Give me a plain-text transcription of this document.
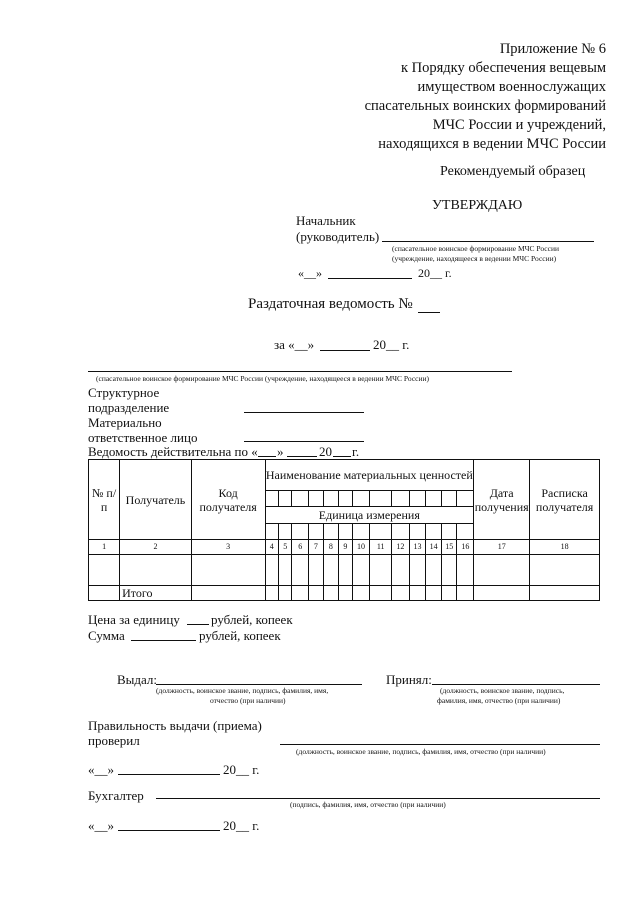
Приложение № 6
к Порядку обеспечения вещевым
имуществом военнослужащих
спасательных воинских формирований
МЧС России и учреждений,
находящихся в ведении МЧС России
Рекомендуемый образец
УТВЕРЖДАЮ
Начальник
(руководитель)
(спасательное воинское формирование МЧС России
(учреждение, находящееся в ведении МЧС России)
«__»	20__ г.
Раздаточная ведомость №
за «__»	20__ г.
(спасательное воинское формирование МЧС России (учреждение, находящееся в ведении МЧС России)
Структурное
подразделение
Материально
ответственное лицо
Ведомость действительна по « »	20 г.
№ п/п	Получатель	Код получателя	Наименование материальных ценностей													Дата получения	Расписка получателя

			Единица измерения														

1	2	3	4	5	6	7	8	9	10	11	12	13	14	15	16	17	18

	Итого																
Цена за единицу рублей, копеек
Сумма	рублей, копеек
Выдал:
(должность, воинское звание, подпись, фамилия, имя,
отчество (при наличии)
Принял:
(должность, воинское звание, подпись,
фамилия, имя, отчество (при наличии)
Правильность выдачи (приема)
проверил
(должность, воинское звание, подпись, фамилия, имя, отчество (при наличии)
«__»	20__ г.
Бухгалтер
(подпись, фамилия, имя, отчество (при наличии)
«__»	20__ г.
